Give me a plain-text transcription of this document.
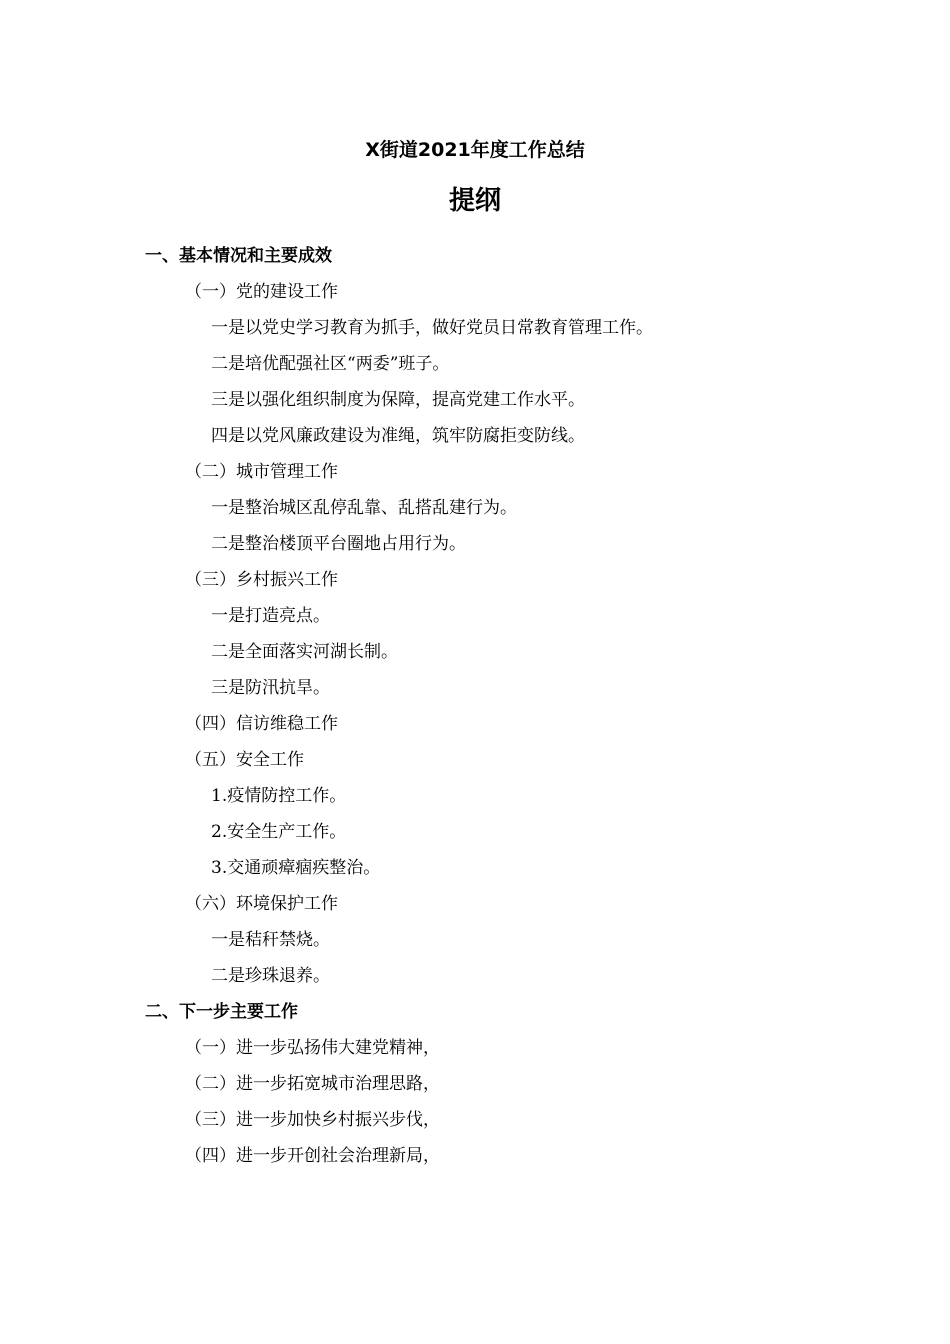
X街道2021年度工作总结
提纲
一、基本情况和主要成效
（一）党的建设工作
一是以党史学习教育为抓手，做好党员日常教育管理工作。
二是培优配强社区“两委”班子。
三是以强化组织制度为保障，提高党建工作水平。
四是以党风廉政建设为准绳，筑牢防腐拒变防线。
（二）城市管理工作
一是整治城区乱停乱靠、乱搭乱建行为。
二是整治楼顶平台圈地占用行为。
（三）乡村振兴工作
一是打造亮点。
二是全面落实河湖长制。
三是防汛抗旱。
（四）信访维稳工作
（五）安全工作
1.疫情防控工作。
2.安全生产工作。
3.交通顽瘴痼疾整治。
（六）环境保护工作
一是秸秆禁烧。
二是珍珠退养。
二、下一步主要工作
（一）进一步弘扬伟大建党精神，
（二）进一步拓宽城市治理思路，
（三）进一步加快乡村振兴步伐，
（四）进一步开创社会治理新局，
